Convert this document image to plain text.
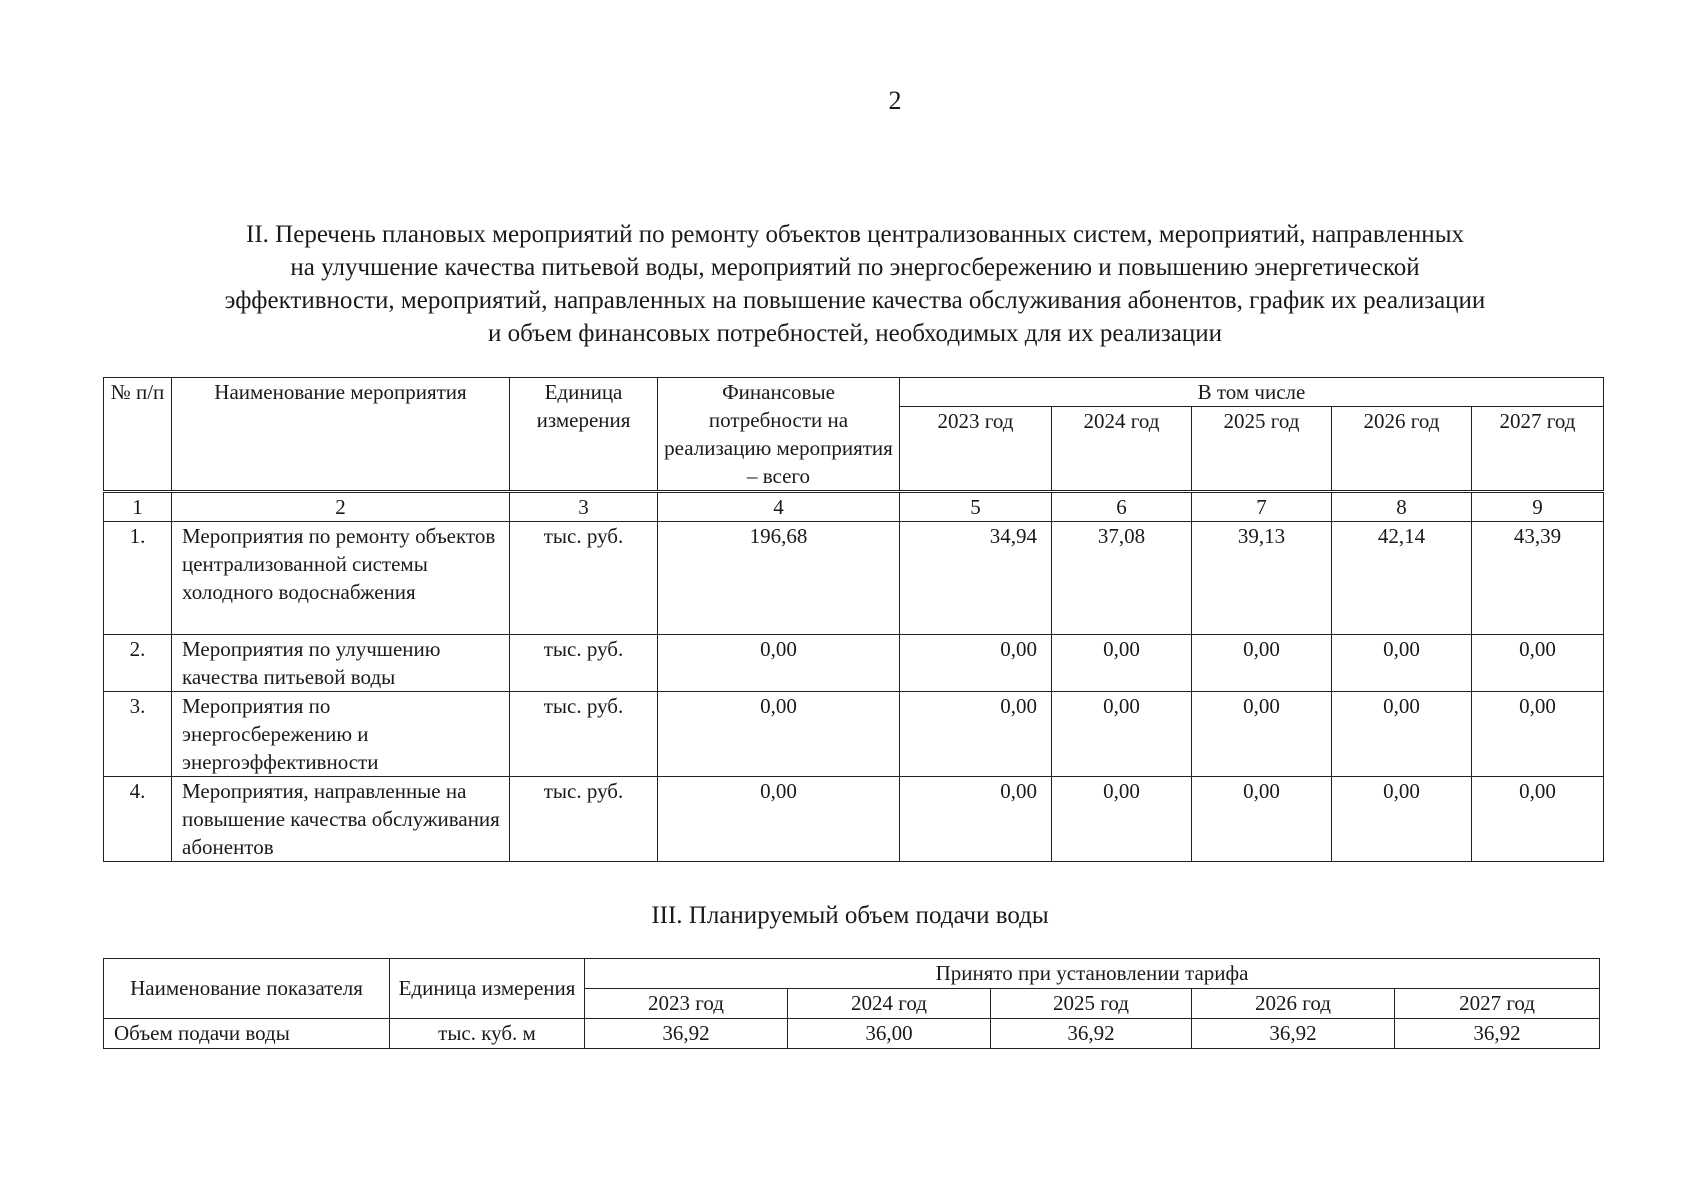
2
II. Перечень плановых мероприятий по ремонту объектов централизованных систем, мероприятий, направленных
на улучшение качества питьевой воды, мероприятий по энергосбережению и повышению энергетической
эффективности, мероприятий, направленных на повышение качества обслуживания абонентов, график их реализации
и объем финансовых потребностей, необходимых для их реализации
№ п/п	Наименование мероприятия	Единица измерения	Финансовые потребности на реализацию мероприятия – всего	В том числе				
				2023 год	2024 год	2025 год	2026 год	2027 год
1	2	3	4	5	6	7	8	9
1.	Мероприятия по ремонту объектов централизованной системы холодного водоснабжения	тыс. руб.	196,68	34,94	37,08	39,13	42,14	43,39
2.	Мероприятия по улучшению качества питьевой воды	тыс. руб.	0,00	0,00	0,00	0,00	0,00	0,00
3.	Мероприятия по энергосбережению и энергоэффективности	тыс. руб.	0,00	0,00	0,00	0,00	0,00	0,00
4.	Мероприятия, направленные на повышение качества обслуживания абонентов	тыс. руб.	0,00	0,00	0,00	0,00	0,00	0,00
III. Планируемый объем подачи воды
Наименование показателя	Единица измерения	Принято при установлении тарифа				
		2023 год	2024 год	2025 год	2026 год	2027 год
Объем подачи воды	тыс. куб. м	36,92	36,00	36,92	36,92	36,92
